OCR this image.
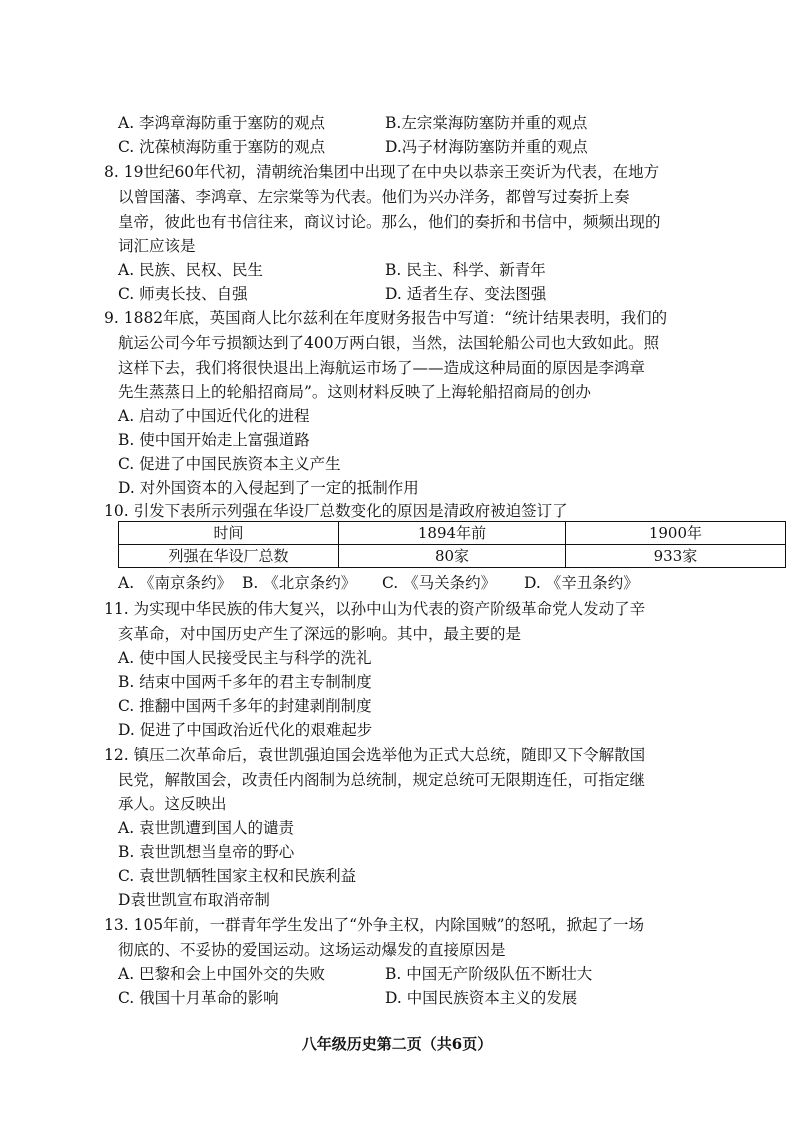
A. 李鸿章海防重于塞防的观点	B.左宗棠海防塞防并重的观点
C. 沈葆桢海防重于塞防的观点	D.冯子材海防塞防并重的观点
8. 19世纪60年代初，清朝统治集团中出现了在中央以恭亲王奕䜣为代表，在地方
以曾国藩、李鸿章、左宗棠等为代表。他们为兴办洋务，都曾写过奏折上奏
皇帝，彼此也有书信往来，商议讨论。那么，他们的奏折和书信中，频频出现的
词汇应该是
A. 民族、民权、民生	B. 民主、科学、新青年
C. 师夷长技、自强	D. 适者生存、变法图强
9. 1882年底，英国商人比尔兹利在年度财务报告中写道：“统计结果表明，我们的
航运公司今年亏损额达到了400万两白银，当然，法国轮船公司也大致如此。照
这样下去，我们将很快退出上海航运市场了——造成这种局面的原因是李鸿章
先生蒸蒸日上的轮船招商局”。这则材料反映了上海轮船招商局的创办
A. 启动了中国近代化的进程
B. 使中国开始走上富强道路
C. 促进了中国民族资本主义产生
D. 对外国资本的入侵起到了一定的抵制作用
10. 引发下表所示列强在华设厂总数变化的原因是清政府被迫签订了
时间	1894年前	1900年
列强在华设厂总数	80家	933家
A. 《南京条约》 B. 《北京条约》 C. 《马关条约》 D. 《辛丑条约》
11. 为实现中华民族的伟大复兴，以孙中山为代表的资产阶级革命党人发动了辛
亥革命，对中国历史产生了深远的影响。其中，最主要的是
A. 使中国人民接受民主与科学的洗礼
B. 结束中国两千多年的君主专制制度
C. 推翻中国两千多年的封建剥削制度
D. 促进了中国政治近代化的艰难起步
12. 镇压二次革命后，袁世凯强迫国会选举他为正式大总统，随即又下令解散国
民党，解散国会，改责任内阁制为总统制，规定总统可无限期连任，可指定继
承人。这反映出
A. 袁世凯遭到国人的谴责
B. 袁世凯想当皇帝的野心
C. 袁世凯牺牲国家主权和民族利益
D袁世凯宣布取消帝制
13. 105年前，一群青年学生发出了“外争主权，内除国贼”的怒吼，掀起了一场
彻底的、不妥协的爱国运动。这场运动爆发的直接原因是
A. 巴黎和会上中国外交的失败	B. 中国无产阶级队伍不断壮大
C. 俄国十月革命的影响	D. 中国民族资本主义的发展
八年级历史第二页（共6页）
